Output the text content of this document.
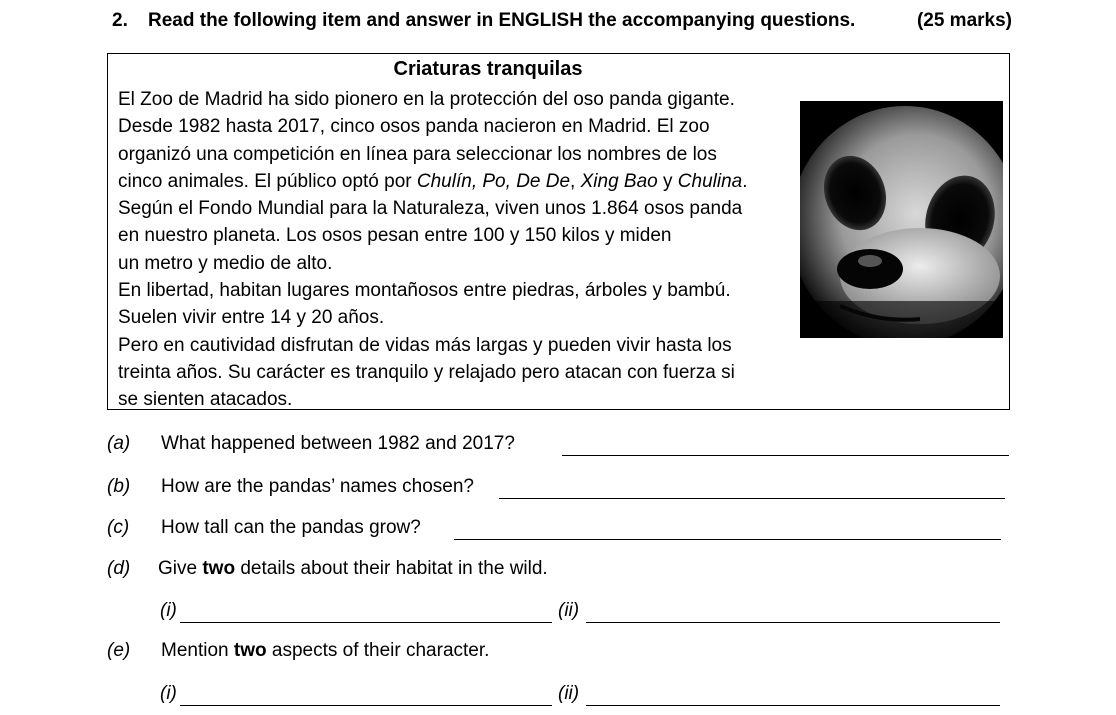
2. Read the following item and answer in ENGLISH the accompanying questions.	(25 marks)
Criaturas tranquilas
El Zoo de Madrid ha sido pionero en la protección del oso panda gigante.
Desde 1982 hasta 2017, cinco osos panda nacieron en Madrid. El zoo
organizó una competición en línea para seleccionar los nombres de los
cinco animales. El público optó por Chulín, Po, De De, Xing Bao y Chulina.
Según el Fondo Mundial para la Naturaleza, viven unos 1.864 osos panda
en nuestro planeta. Los osos pesan entre 100 y 150 kilos y miden
un metro y medio de alto.
En libertad, habitan lugares montañosos entre piedras, árboles y bambú.
Suelen vivir entre 14 y 20 años.
Pero en cautividad disfrutan de vidas más largas y pueden vivir hasta los
treinta años. Su carácter es tranquilo y relajado pero atacan con fuerza si
se sienten atacados.
(a) What happened between 1982 and 2017?
(b) How are the pandas’ names chosen?
(c) How tall can the pandas grow?
(d) Give two details about their habitat in the wild.
(i)	(ii)
(e) Mention two aspects of their character.
(i)	(ii)
